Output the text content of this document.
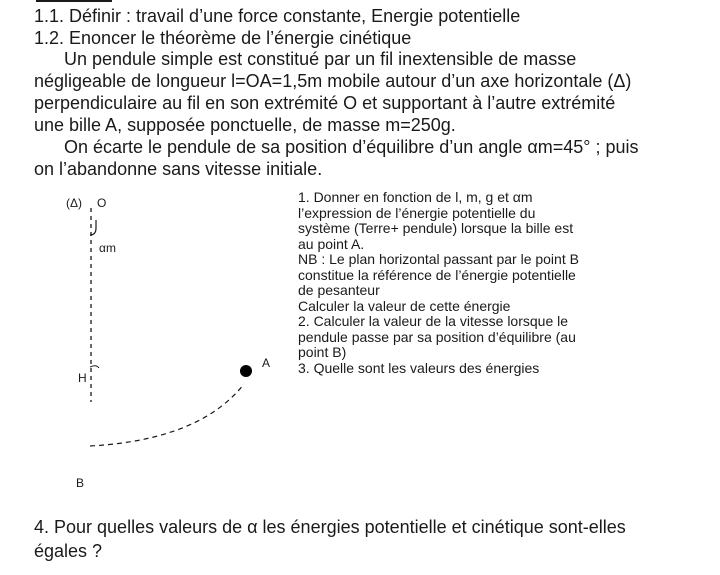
1.1. Définir : travail d’une force constante, Energie potentielle
1.2. Enoncer le théorème de l’énergie cinétique
Un pendule simple est constitué par un fil inextensible de masse
négligeable de longueur l=OA=1,5m mobile autour d’un axe horizontale (Δ)
perpendiculaire au fil en son extrémité O et supportant à l’autre extrémité
une bille A, supposée ponctuelle, de masse m=250g.
On écarte le pendule de sa position d’équilibre d’un angle αm=45° ; puis
on l’abandonne sans vitesse initiale.
(Δ) O
αm
H
A
B
1. Donner en fonction de l, m, g et αm
l’expression de l’énergie potentielle du
système (Terre+ pendule) lorsque la bille est
au point A.
NB : Le plan horizontal passant par le point B
constitue la référence de l’énergie potentielle
de pesanteur
Calculer la valeur de cette énergie
2. Calculer la valeur de la vitesse lorsque le
pendule passe par sa position d’équilibre (au
point B)
3. Quelle sont les valeurs des énergies
4. Pour quelles valeurs de α les énergies potentielle et cinétique sont-elles
égales ?
